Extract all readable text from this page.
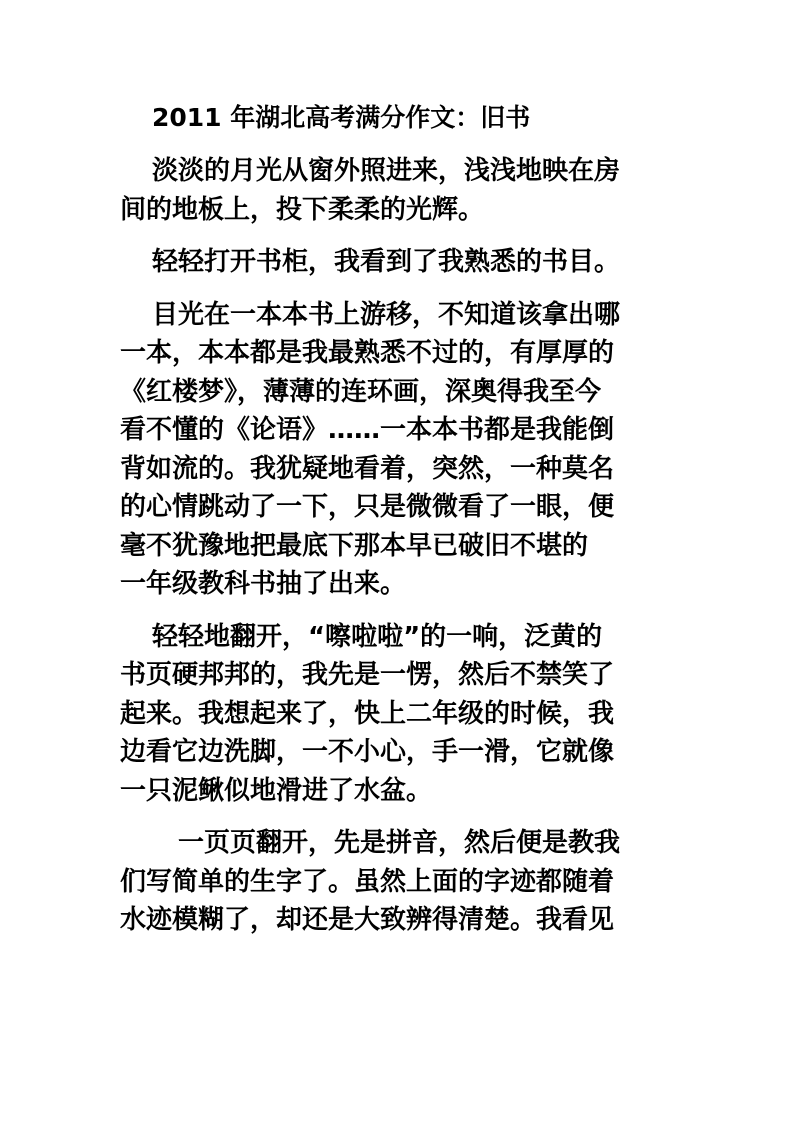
2011 年湖北高考满分作文：旧书
淡淡的月光从窗外照进来，浅浅地映在房
间的地板上，投下柔柔的光辉。
轻轻打开书柜，我看到了我熟悉的书目。
目光在一本本书上游移，不知道该拿出哪
一本，本本都是我最熟悉不过的，有厚厚的
《红楼梦》，薄薄的连环画，深奥得我至今
看不懂的《论语》……一本本书都是我能倒
背如流的。我犹疑地看着，突然，一种莫名
的心情跳动了一下，只是微微看了一眼，便
毫不犹豫地把最底下那本早已破旧不堪的
一年级教科书抽了出来。
轻轻地翻开，“嚓啦啦”的一响，泛黄的
书页硬邦邦的，我先是一愣，然后不禁笑了
起来。我想起来了，快上二年级的时候，我
边看它边洗脚，一不小心，手一滑，它就像
一只泥鳅似地滑进了水盆。
一页页翻开，先是拼音，然后便是教我
们写简单的生字了。虽然上面的字迹都随着
水迹模糊了，却还是大致辨得清楚。我看见
